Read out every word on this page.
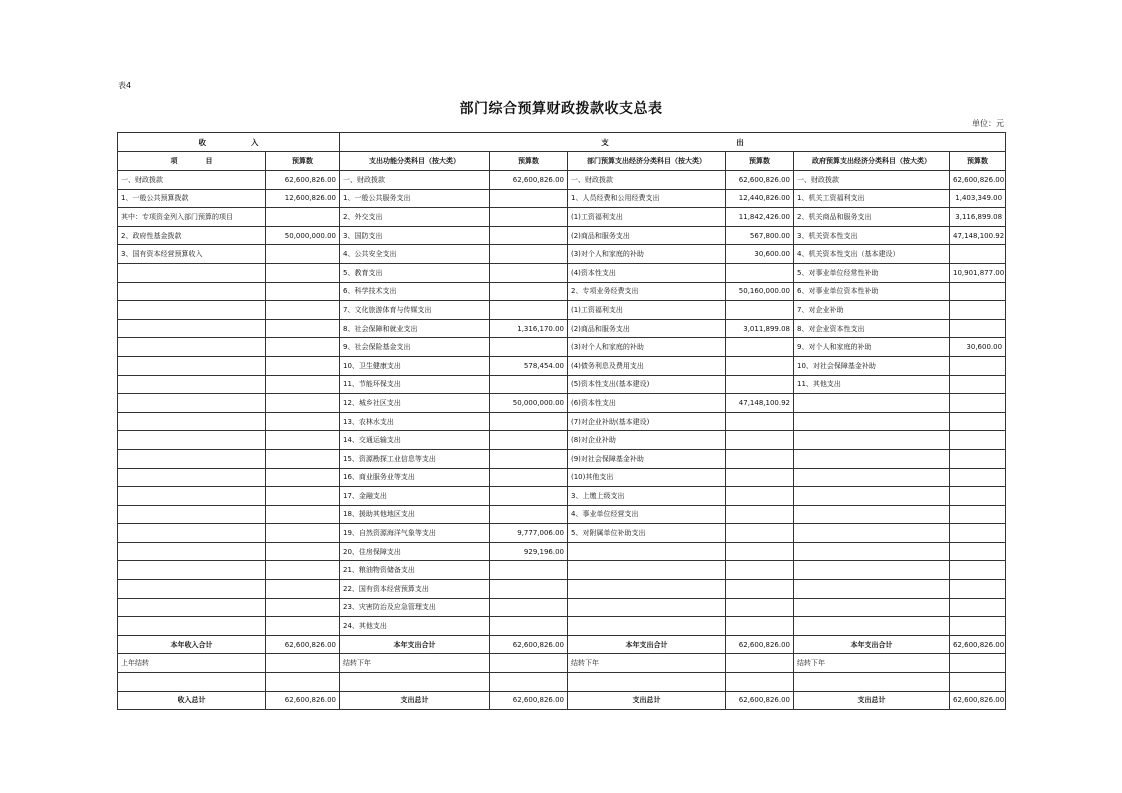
表4
部门综合预算财政拨款收支总表
单位：元
收　　　　　　入		支　　　　　　　　　　　　　　　　　出					
项　　　　目	预算数	支出功能分类科目（按大类）	预算数	部门预算支出经济分类科目（按大类）	预算数	政府预算支出经济分类科目（按大类）	预算数
一、财政拨款	62,600,826.00	一、财政拨款	62,600,826.00	一、财政拨款	62,600,826.00	一、财政拨款	62,600,826.00
1、一般公共预算拨款	12,600,826.00	1、一般公共服务支出		1、人员经费和公用经费支出	12,440,826.00	1、机关工资福利支出	1,403,349.00
其中：专项资金列入部门预算的项目		2、外交支出		(1)工资福利支出	11,842,426.00	2、机关商品和服务支出	3,116,899.08
2、政府性基金拨款	50,000,000.00	3、国防支出		(2)商品和服务支出	567,800.00	3、机关资本性支出	47,148,100.92
3、国有资本经营预算收入		4、公共安全支出		(3)对个人和家庭的补助	30,600.00	4、机关资本性支出（基本建设）	
		5、教育支出		(4)资本性支出		5、对事业单位经常性补助	10,901,877.00
		6、科学技术支出		2、专项业务经费支出	50,160,000.00	6、对事业单位资本性补助	
		7、文化旅游体育与传媒支出		(1)工资福利支出		7、对企业补助	
		8、社会保障和就业支出	1,316,170.00	(2)商品和服务支出	3,011,899.08	8、对企业资本性支出	
		9、社会保险基金支出		(3)对个人和家庭的补助		9、对个人和家庭的补助	30,600.00
		10、卫生健康支出	578,454.00	(4)债务利息及费用支出		10、对社会保障基金补助	
		11、节能环保支出		(5)资本性支出(基本建设)		11、其他支出	
		12、城乡社区支出	50,000,000.00	(6)资本性支出	47,148,100.92		
		13、农林水支出		(7)对企业补助(基本建设)			
		14、交通运输支出		(8)对企业补助			
		15、资源勘探工业信息等支出		(9)对社会保障基金补助			
		16、商业服务业等支出		(10)其他支出			
		17、金融支出		3、上缴上级支出			
		18、援助其他地区支出		4、事业单位经营支出			
		19、自然资源海洋气象等支出	9,777,006.00	5、对附属单位补助支出			
		20、住房保障支出	929,196.00				
		21、粮油物资储备支出					
		22、国有资本经营预算支出					
		23、灾害防治及应急管理支出					
		24、其他支出					
本年收入合计	62,600,826.00	本年支出合计	62,600,826.00	本年支出合计	62,600,826.00	本年支出合计	62,600,826.00
上年结转		结转下年		结转下年		结转下年	

收入总计	62,600,826.00	支出总计	62,600,826.00	支出总计	62,600,826.00	支出总计	62,600,826.00
